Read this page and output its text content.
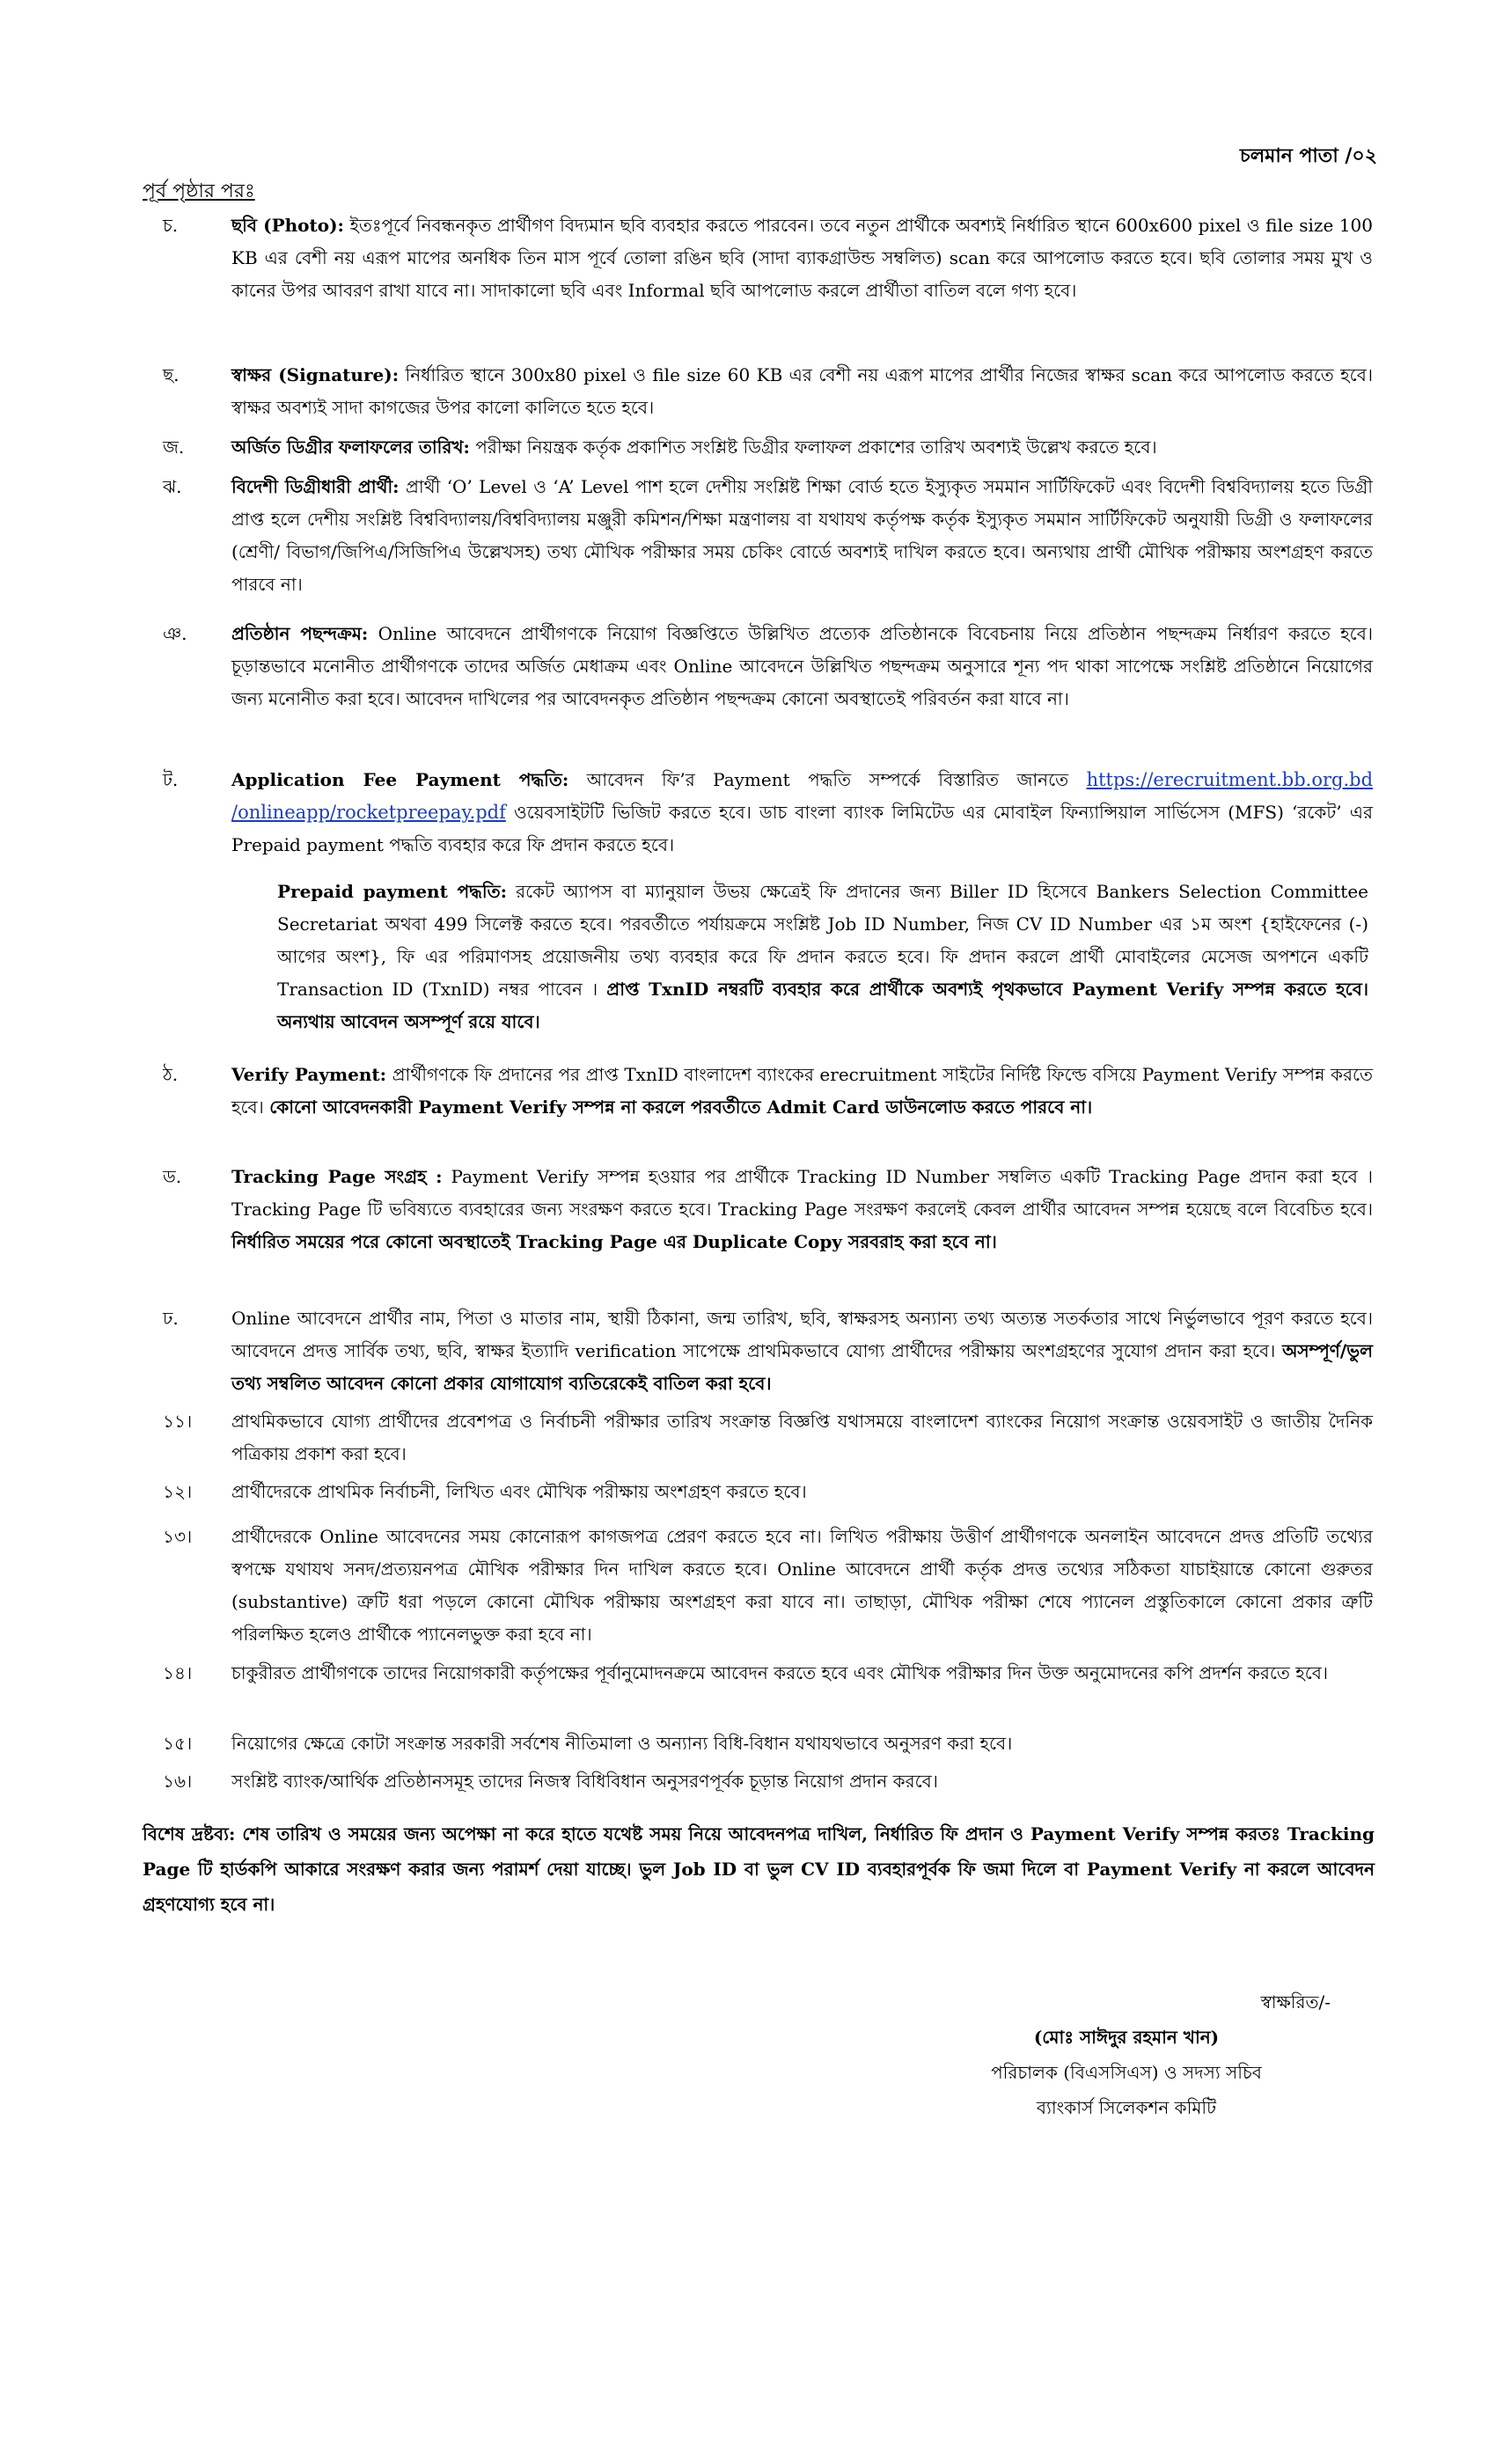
চলমান পাতা /০২
পূর্ব পৃষ্ঠার পরঃ
চ.	ছবি (Photo): ইতঃপূর্বে নিবন্ধনকৃত প্রার্থীগণ বিদ্যমান ছবি ব্যবহার করতে পারবেন। তবে নতুন প্রার্থীকে অবশ্যই নির্ধারিত স্থানে 600x600 pixel ও file size 100 KB এর বেশী নয় এরূপ মাপের অনধিক তিন মাস পূর্বে তোলা রঙিন ছবি (সাদা ব্যাকগ্রাউন্ড সম্বলিত) scan করে আপলোড করতে হবে। ছবি তোলার সময় মুখ ও কানের উপর আবরণ রাখা যাবে না। সাদাকালো ছবি এবং Informal ছবি আপলোড করলে প্রার্থীতা বাতিল বলে গণ্য হবে।
ছ.	স্বাক্ষর (Signature): নির্ধারিত স্থানে 300x80 pixel ও file size 60 KB এর বেশী নয় এরূপ মাপের প্রার্থীর নিজের স্বাক্ষর scan করে আপলোড করতে হবে। স্বাক্ষর অবশ্যই সাদা কাগজের উপর কালো কালিতে হতে হবে।
জ.	অর্জিত ডিগ্রীর ফলাফলের তারিখ: পরীক্ষা নিয়ন্ত্রক কর্তৃক প্রকাশিত সংশ্লিষ্ট ডিগ্রীর ফলাফল প্রকাশের তারিখ অবশ্যই উল্লেখ করতে হবে।
ঝ.	বিদেশী ডিগ্রীধারী প্রার্থী: প্রার্থী ‘O’ Level ও ‘A’ Level পাশ হলে দেশীয় সংশ্লিষ্ট শিক্ষা বোর্ড হতে ইস্যুকৃত সমমান সার্টিফিকেট এবং বিদেশী বিশ্ববিদ্যালয় হতে ডিগ্রী প্রাপ্ত হলে দেশীয় সংশ্লিষ্ট বিশ্ববিদ্যালয়/বিশ্ববিদ্যালয় মঞ্জুরী কমিশন/শিক্ষা মন্ত্রণালয় বা যথাযথ কর্তৃপক্ষ কর্তৃক ইস্যুকৃত সমমান সার্টিফিকেট অনুযায়ী ডিগ্রী ও ফলাফলের (শ্রেণী/ বিভাগ/জিপিএ/সিজিপিএ উল্লেখসহ) তথ্য মৌখিক পরীক্ষার সময় চেকিং বোর্ডে অবশ্যই দাখিল করতে হবে। অন্যথায় প্রার্থী মৌখিক পরীক্ষায় অংশগ্রহণ করতে পারবে না।
ঞ.	প্রতিষ্ঠান পছন্দক্রম: Online আবেদনে প্রার্থীগণকে নিয়োগ বিজ্ঞপ্তিতে উল্লিখিত প্রত্যেক প্রতিষ্ঠানকে বিবেচনায় নিয়ে প্রতিষ্ঠান পছন্দক্রম নির্ধারণ করতে হবে। চূড়ান্তভাবে মনোনীত প্রার্থীগণকে তাদের অর্জিত মেধাক্রম এবং Online আবেদনে উল্লিখিত পছন্দক্রম অনুসারে শূন্য পদ থাকা সাপেক্ষে সংশ্লিষ্ট প্রতিষ্ঠানে নিয়োগের জন্য মনোনীত করা হবে। আবেদন দাখিলের পর আবেদনকৃত প্রতিষ্ঠান পছন্দক্রম কোনো অবস্থাতেই পরিবর্তন করা যাবে না।
ট.	Application Fee Payment পদ্ধতি: আবেদন ফি’র Payment পদ্ধতি সম্পর্কে বিস্তারিত জানতে https://erecruitment.bb.org.bd /onlineapp/rocketpreepay.pdf ওয়েবসাইটটি ভিজিট করতে হবে। ডাচ বাংলা ব্যাংক লিমিটেড এর মোবাইল ফিন্যান্সিয়াল সার্ভিসেস (MFS) ‘রকেট’ এর Prepaid payment পদ্ধতি ব্যবহার করে ফি প্রদান করতে হবে।
Prepaid payment পদ্ধতি: রকেট অ্যাপস বা ম্যানুয়াল উভয় ক্ষেত্রেই ফি প্রদানের জন্য Biller ID হিসেবে Bankers Selection Committee Secretariat অথবা 499 সিলেক্ট করতে হবে। পরবর্তীতে পর্যায়ক্রমে সংশ্লিষ্ট Job ID Number, নিজ CV ID Number এর ১ম অংশ {হাইফেনের (-) আগের অংশ}, ফি এর পরিমাণসহ প্রয়োজনীয় তথ্য ব্যবহার করে ফি প্রদান করতে হবে। ফি প্রদান করলে প্রার্থী মোবাইলের মেসেজ অপশনে একটি Transaction ID (TxnID) নম্বর পাবেন । প্রাপ্ত TxnID নম্বরটি ব্যবহার করে প্রার্থীকে অবশ্যই পৃথকভাবে Payment Verify সম্পন্ন করতে হবে। অন্যথায় আবেদন অসম্পূর্ণ রয়ে যাবে।
ঠ.	Verify Payment: প্রার্থীগণকে ফি প্রদানের পর প্রাপ্ত TxnID বাংলাদেশ ব্যাংকের erecruitment সাইটের নির্দিষ্ট ফিল্ডে বসিয়ে Payment Verify সম্পন্ন করতে হবে। কোনো আবেদনকারী Payment Verify সম্পন্ন না করলে পরবর্তীতে Admit Card ডাউনলোড করতে পারবে না।
ড.	Tracking Page সংগ্রহ : Payment Verify সম্পন্ন হওয়ার পর প্রার্থীকে Tracking ID Number সম্বলিত একটি Tracking Page প্রদান করা হবে । Tracking Page টি ভবিষ্যতে ব্যবহারের জন্য সংরক্ষণ করতে হবে। Tracking Page সংরক্ষণ করলেই কেবল প্রার্থীর আবেদন সম্পন্ন হয়েছে বলে বিবেচিত হবে। নির্ধারিত সময়ের পরে কোনো অবস্থাতেই Tracking Page এর Duplicate Copy সরবরাহ করা হবে না।
ঢ.	Online আবেদনে প্রার্থীর নাম, পিতা ও মাতার নাম, স্থায়ী ঠিকানা, জন্ম তারিখ, ছবি, স্বাক্ষরসহ অন্যান্য তথ্য অত্যন্ত সতর্কতার সাথে নির্ভুলভাবে পূরণ করতে হবে। আবেদনে প্রদত্ত সার্বিক তথ্য, ছবি, স্বাক্ষর ইত্যাদি verification সাপেক্ষে প্রাথমিকভাবে যোগ্য প্রার্থীদের পরীক্ষায় অংশগ্রহণের সুযোগ প্রদান করা হবে। অসম্পূর্ণ/ভুল তথ্য সম্বলিত আবেদন কোনো প্রকার যোগাযোগ ব্যতিরেকেই বাতিল করা হবে।
১১।	প্রাথমিকভাবে যোগ্য প্রার্থীদের প্রবেশপত্র ও নির্বাচনী পরীক্ষার তারিখ সংক্রান্ত বিজ্ঞপ্তি যথাসময়ে বাংলাদেশ ব্যাংকের নিয়োগ সংক্রান্ত ওয়েবসাইট ও জাতীয় দৈনিক পত্রিকায় প্রকাশ করা হবে।
১২।	প্রার্থীদেরকে প্রাথমিক নির্বাচনী, লিখিত এবং মৌখিক পরীক্ষায় অংশগ্রহণ করতে হবে।
১৩।	প্রার্থীদেরকে Online আবেদনের সময় কোনোরূপ কাগজপত্র প্রেরণ করতে হবে না। লিখিত পরীক্ষায় উত্তীর্ণ প্রার্থীগণকে অনলাইন আবেদনে প্রদত্ত প্রতিটি তথ্যের স্বপক্ষে যথাযথ সনদ/প্রত্যয়নপত্র মৌখিক পরীক্ষার দিন দাখিল করতে হবে। Online আবেদনে প্রার্থী কর্তৃক প্রদত্ত তথ্যের সঠিকতা যাচাইয়ান্তে কোনো গুরুতর (substantive) ত্রুটি ধরা পড়লে কোনো মৌখিক পরীক্ষায় অংশগ্রহণ করা যাবে না। তাছাড়া, মৌখিক পরীক্ষা শেষে প্যানেল প্রস্তুতিকালে কোনো প্রকার ত্রুটি পরিলক্ষিত হলেও প্রার্থীকে প্যানেলভুক্ত করা হবে না।
১৪।	চাকুরীরত প্রার্থীগণকে তাদের নিয়োগকারী কর্তৃপক্ষের পূর্বানুমোদনক্রমে আবেদন করতে হবে এবং মৌখিক পরীক্ষার দিন উক্ত অনুমোদনের কপি প্রদর্শন করতে হবে।
১৫।	নিয়োগের ক্ষেত্রে কোটা সংক্রান্ত সরকারী সর্বশেষ নীতিমালা ও অন্যান্য বিধি-বিধান যথাযথভাবে অনুসরণ করা হবে।
১৬।	সংশ্লিষ্ট ব্যাংক/আর্থিক প্রতিষ্ঠানসমূহ তাদের নিজস্ব বিধিবিধান অনুসরণপূর্বক চূড়ান্ত নিয়োগ প্রদান করবে।
বিশেষ দ্রষ্টব্য: শেষ তারিখ ও সময়ের জন্য অপেক্ষা না করে হাতে যথেষ্ট সময় নিয়ে আবেদনপত্র দাখিল, নির্ধারিত ফি প্রদান ও Payment Verify সম্পন্ন করতঃ Tracking Page টি হার্ডকপি আকারে সংরক্ষণ করার জন্য পরামর্শ দেয়া যাচ্ছে। ভুল Job ID বা ভুল CV ID ব্যবহারপূর্বক ফি জমা দিলে বা Payment Verify না করলে আবেদন গ্রহণযোগ্য হবে না।
স্বাক্ষরিত/-
(মোঃ সাঈদুর রহমান খান)
পরিচালক (বিএসসিএস) ও সদস্য সচিব
ব্যাংকার্স সিলেকশন কমিটি
